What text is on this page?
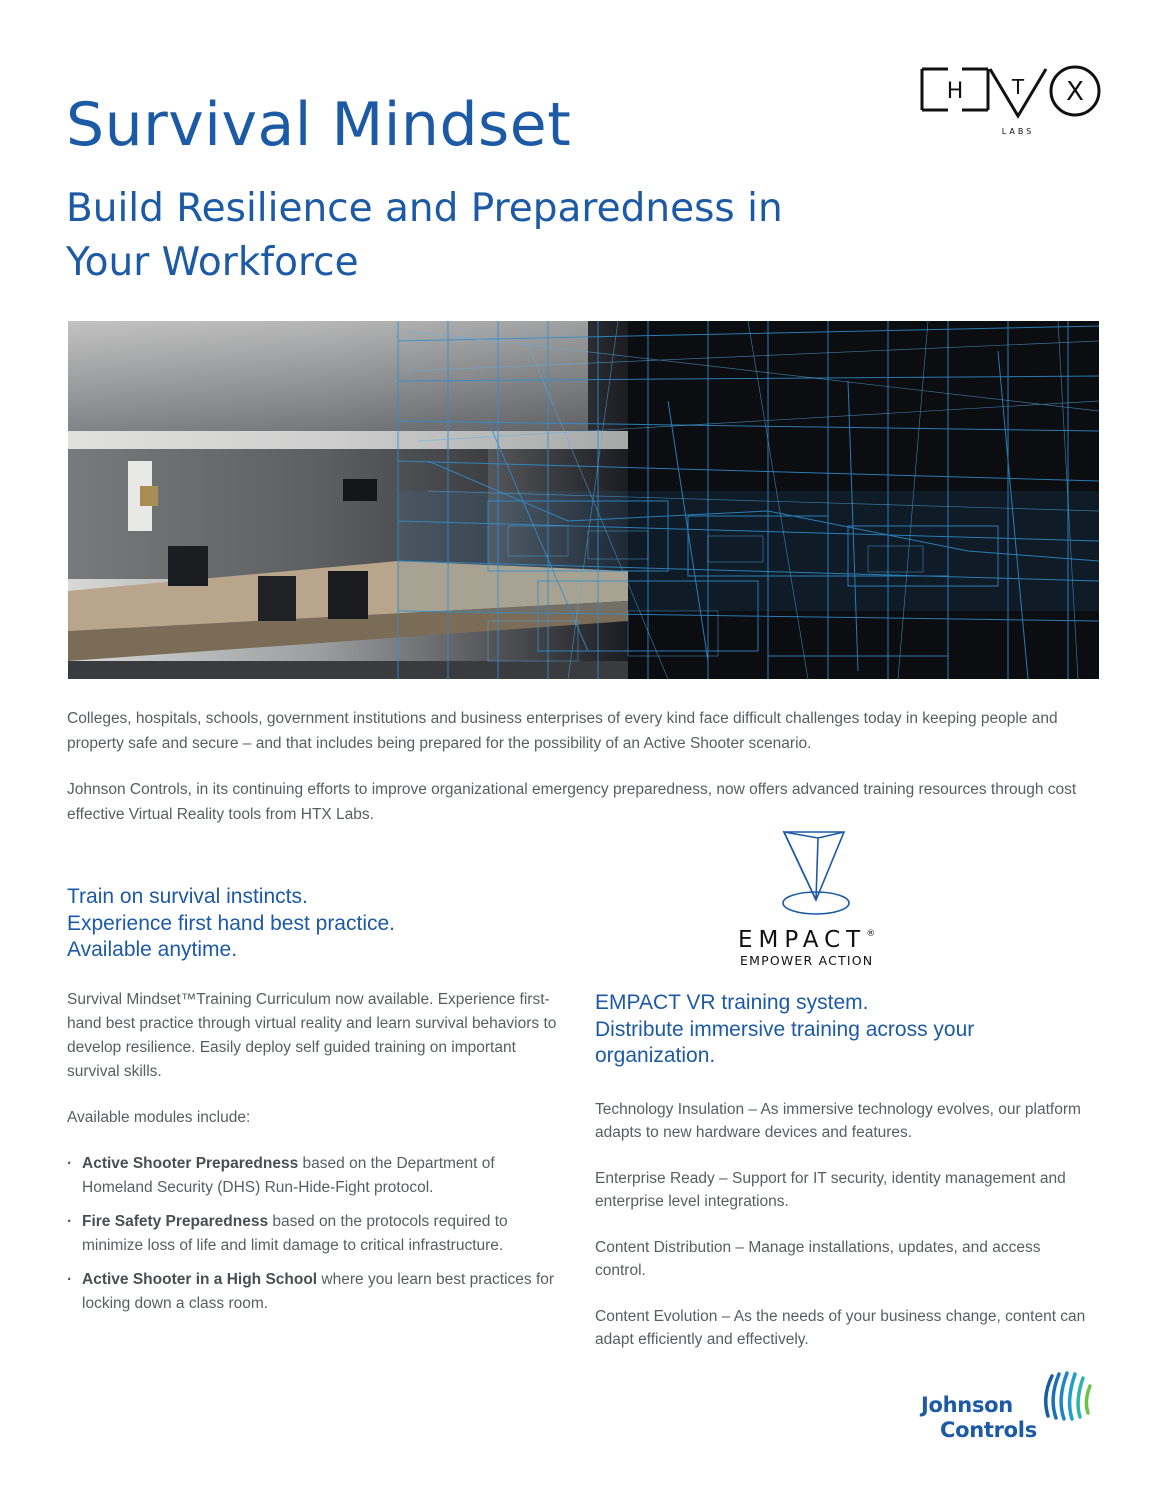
Survival Mindset
Build Resilience and Preparedness in
Your Workforce
H T X
LABS

Colleges, hospitals, schools, government institutions and business enterprises of every kind face difficult challenges today in keeping people and property safe and secure – and that includes being prepared for the possibility of an Active Shooter scenario.

Johnson Controls, in its continuing efforts to improve organizational emergency preparedness, now offers advanced training resources through cost effective Virtual Reality tools from HTX Labs.

Train on survival instincts.
Experience first hand best practice.
Available anytime.

Survival Mindset™Training Curriculum now available. Experience first-hand best practice through virtual reality and learn survival behaviors to develop resilience. Easily deploy self guided training on important survival skills.

Available modules include:

· Active Shooter Preparedness based on the Department of Homeland Security (DHS) Run-Hide-Fight protocol.
· Fire Safety Preparedness based on the protocols required to minimize loss of life and limit damage to critical infrastructure.
· Active Shooter in a High School where you learn best practices for locking down a class room.

EMPACT®

EMPOWER ACTION

EMPACT VR training system.
Distribute immersive training across your
organization.

Technology Insulation – As immersive technology evolves, our platform adapts to new hardware devices and features.

Enterprise Ready – Support for IT security, identity management and enterprise level integrations.

Content Distribution – Manage installations, updates, and access control.

Content Evolution – As the needs of your business change, content can adapt efficiently and effectively.

Johnson
Controls
